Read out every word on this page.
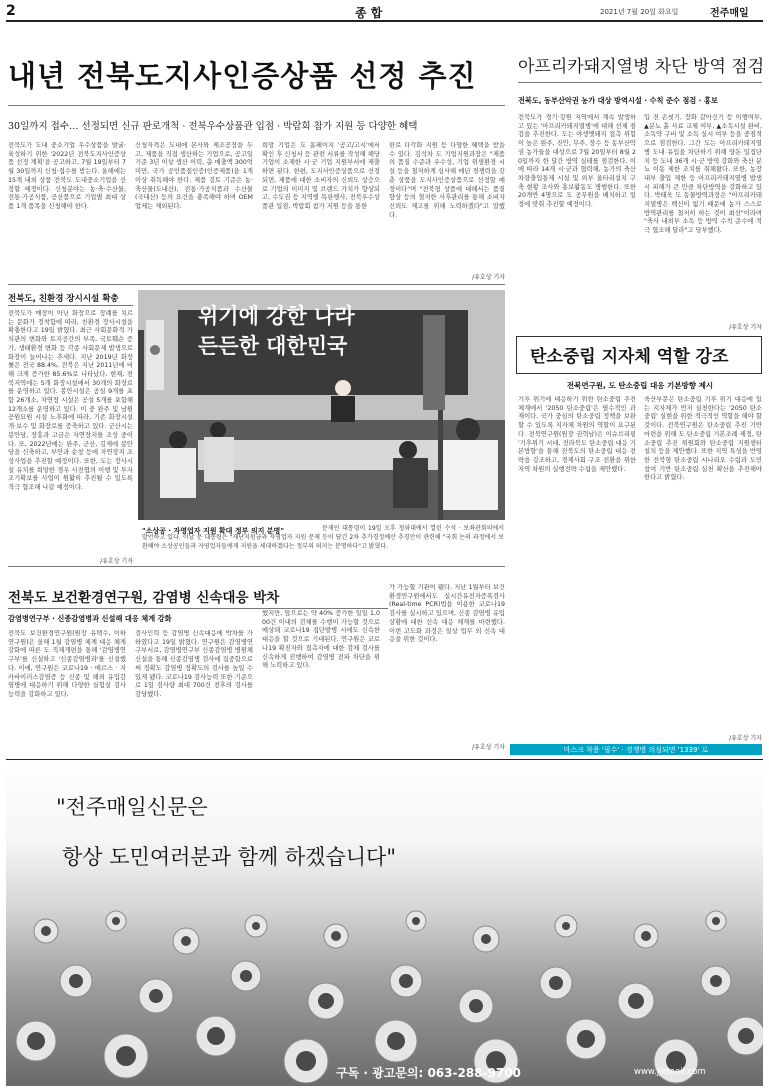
2	종 합	2021년 7월 20일 화요일	전주매일
내년 전북도지사인증상품 선정 추진
30일까지 접수… 선정되면 신규 판로개척 · 전북우수상품관 입점 · 박람회 참가 지원 등 다양한 혜택
전북도가 도내 중소기업 우수상품을 발굴·육성하기 위한 '2022년 전북도지사인증상품 선정 계획'을 공고하고, 7월 19일부터 7월 30일까지 신청·접수를 받는다. 올해에는 15개 내외 상품 전북도 도내중소기업을 선정할 예정이다. 신청분야는 농·축·수산물, 전통·가공식품, 공산품으로 기업별 최대 상품 1개 품목을 신청해야 한다.
신청자격은 도내에 본사와 제조공장을 두고, 제품을 직접 생산하는 기업으로, 공고일 기준 3년 이상 생산 이력, 총 매출액 300억 미만, 국가 공인품질인증(인증제품)을 1개 이상 취득해야 한다. 제품 검토 기준은 농·축산물(도내산), 전통·가공식품과 수산물(국내산) 등의 요건을 충족해야 하며 OEM 업체는 제외된다.
희망 기업은 도 홈페이지 '공고/고시'에서 확인 후 신청서 등 관련 서류를 작성해 해당 기업이 소재한 시·군 기업 지원부서에 제출하면 된다. 한편, 도지사인증상품으로 선정되면, 제품에 대한 소비자의 신뢰도 상승으로 기업의 이미지 및 브랜드 가치가 향상되고, 수도권 등 지역별 특판행사, 전북우수상품관 입점, 박람회 참가 지원 등을 통한
판로 다각화 지원 등 다양한 혜택을 받을 수 있다. 김석차 도 기업지원과장은 "제품의 품질 수준과 우수성, 기업 위생환경 시설 등을 철저하게 심사해 매년 경쟁력을 갖춘 상품을 도지사인증상품으로 선정할 예정이다"며 "전북형 상품에 대해서는 품질향상 등의 철저한 사후관리를 통해 소비자 신뢰도 제고를 위해 노력하겠다"고 말했다.
/유호상 기자
아프리카돼지열병 차단 방역 점검
전북도, 동부산악권 농가 대상 방역시설 · 수칙 준수 점검 · 홍보
전북도가 경기·강원 지역에서 계속 발생하고 있는 '아프리카돼지열병'에 대해 선제 점검을 추진한다. 도는 야생멧돼지 접촉 위험이 높은 완주, 진안, 무주, 장수 등 동부산악권 농가들을 대상으로 7월 20일부터 8월 20일까지 한 달간 방역 실태를 점검한다. 이에 따라 14개 시·군과 협력해, 농가의 축산차량출입통제 시설 및 외부 울타리설치 구축 현황 조사와 홍보활동도 병행한다. 또한 20개반 4명으로 도 공무원을 배치하고 일정에 맞춰 추진할 예정이다.
입 전 손씻기, 장화 갈아신기 등 이행여부, ▲분뇨 흙 사료 교체 여부, ▲소독시설 완비, 소독약 구비 및 소독 실시 여부 등을 중점적으로 점검한다. 그간 도는 아프리카돼지열병 도내 유입을 차단하기 위해 양돈 밀집단지 등 도내 36개 시·군 방역 강화와 축산 분뇨 이동 제한 조치를 취해왔다. 또한, 농장 내부 출입 제한 등 아프리카돼지열병 발생 시 피해가 큰 만큼 차단방역을 강화하고 있다. 박태욱 도 동물방역과장은 "아프리카돼지열병은 백신이 없기 때문에 농가 스스로 방역관리를 철저히 하는 것이 최선"이라며 "축사 내외부 소독 등 방역 수칙 준수에 적극 협조해 달라"고 당부했다.
/유호상 기자
전북도, 친환경 장시시설 확충
전북도가 매장이 아닌 화장으로 장례를 치르는 문화가 정착함에 따라, 친환경 장사시설을 확충한다고 19일 밝혔다. 최근 사회문화적 가치관의 변화와 토지공간의 부족, 국토훼손 증가, 생태환경 변화 등 각종 사회문제 발생으로 화장이 늘어나는 추세다. 지난 2019년 화장률은 전국 88.4%, 전북은 지난 2011년에 비해 크게 증가한 85.6%로 나타났다. 현재, 전북지역에는 5개 화장시설에서 30개의 화장로를 운영하고 있다. 봉안시설은 공설 9개를 포함 26개소, 자연장 시설은 공설 5개를 포함해 12개소를 운영하고 있다. 이 중 완주 및 남원공원묘원 시설 노후화에 따라, 기존 화장시설 개·보수 및 화장로를 증축하고 있다. 군산시는 봉안당, 장흥과 고금은 자연장지를 조성 중이다. 또, 2022년에는 완주, 군산, 김제에 봉안당을 신축하고, 부안과 순창 등에 자연장지 조성사업을 추진할 예정이다. 또한, 도는 장사시설 유치를 희망한 경우 사전협의 이행 및 투자 조기확보를 사업이 원활히 추진될 수 있도록 적극 협조해 나갈 예정이다.
/유호상 기자
위기에 강한 나라
든든한 대한민국
"소상공 · 자영업자 지원 확대 정부 의지 분명"	문재인 대통령이 19일 오후 청와대에서 열린 수석 · 보좌관회의에서 발언하고 있다. 이날 문 대통령은 "재난지원금과 자영업자 지원 문제 등이 담긴 2차 추가경정예산 추경안이 관련해 "국회 논의 과정에서 보완해야 소상공인들과 자영업자들에게 지원을 세대하겠다는 정부의 의지는 분명하다"고 밝혔다.
전북도 보건환경연구원, 감염병 신속대응 박차
감염병연구부 · 신종감염병과 신설해 대응 체계 강화
전북도 보건환경연구원(원장 유택수, 이하 연구원)은 올해 1월 감염병 체계 대응 체계 강화에 따른 도 직제개편을 통해 '감염병연구부'를 신설하고 '신종감염병과'를 신설했다. 이에, 연구원은 코로나19 · 메르스 · 지카바이러스감염증 등 신종 및 해외 유입감염병에 대응하기 위해 다양한 실험실 검사 능력을 강화하고 있다.
검사인력 등 감염병 신속대응에 박차를 가하였다고 19일 밝혔다. 연구원은 감염병연구부서로, 감염병연구부 신종감염병 병원체 신설을 통해 신종감염병 검사에 집중함으로써 정확도 감염병 정확도의 검사를 높일 수 있게 됐다. 코로나19 검사능력 또한 기준으로 1일 검사량 최대 700건 전후의 검사를 감당했다.
했지만, 앞으로는 약 40% 증가한 일일 1,000건 이내의 검체를 수행이 가능할 것으로 예상돼 코로나19 집단발병 시에도 신속한 대응을 할 것으로 기대된다. 연구원은 코로나19 확진자와 접촉자에 대한 검체 검사를 신속하게 진행하여 감염병 전파 차단을 위해 노력하고 있다.
가 가능할 기관이 됐다. 지난 1월부터 보건환경연구원에서도 실시간유전자증폭검사(Real-time PCR)법을 이용한 코로나19 검사를 실시하고 있으며, 신종 감염병 유입 상황에 대한 신속 대응 체계를 마련했다. 이번 고도화 과정은 일상 업무 외 신속 대응을 위한 것이다.
/유호상 기자
탄소중립 지자체 역할 강조
전북연구원, 도 탄소중립 대응 기본방향 제시
기후 위기에 대응하기 위한 탄소중립 추진 체계에서 '2050 탄소중립'은 필수적인 과제이다. 국가 중심의 탄소중립 정책을 보완할 수 있도록 지자체 차원의 역할이 요구된다. 전북연구원(원장 권혁남)은 이슈브리핑 '기후위기 시대, 전라북도 탄소중립 대응 기본방향'을 통해 전북도의 탄소중립 대응 전략을 강조하고, 경제사회 구조 전환을 위한 지역 차원의 실행전략 수립을 제안했다.
축산부문은 탄소중립 기후 위기 대응에 있는 지자체가 먼저 실천한다는 '2050 탄소중립' 실현을 위한 적극적인 역할을 해야 할 것이다. 전북연구원은 탄소중립 추진 기반 마련을 위해 도 탄소중립 기본조례 제정, 탄소중립 추진 위원회와 탄소중립 지원센터 설치 등을 제안했다. 또한 지역 특성을 반영한 전북형 탄소중립 시나리오 수립과 도민 참여 기반 탄소중립 실천 확산을 추진해야 한다고 밝혔다.
/유호상 기자
마스크 착용 '필수' · 경쟁병 의심되면 '1339' 로
"전주매일신문은
항상 도민여러분과 함께 하겠습니다"
구독 · 광고문의: 063-288-9700	www.jjmaeil.com
